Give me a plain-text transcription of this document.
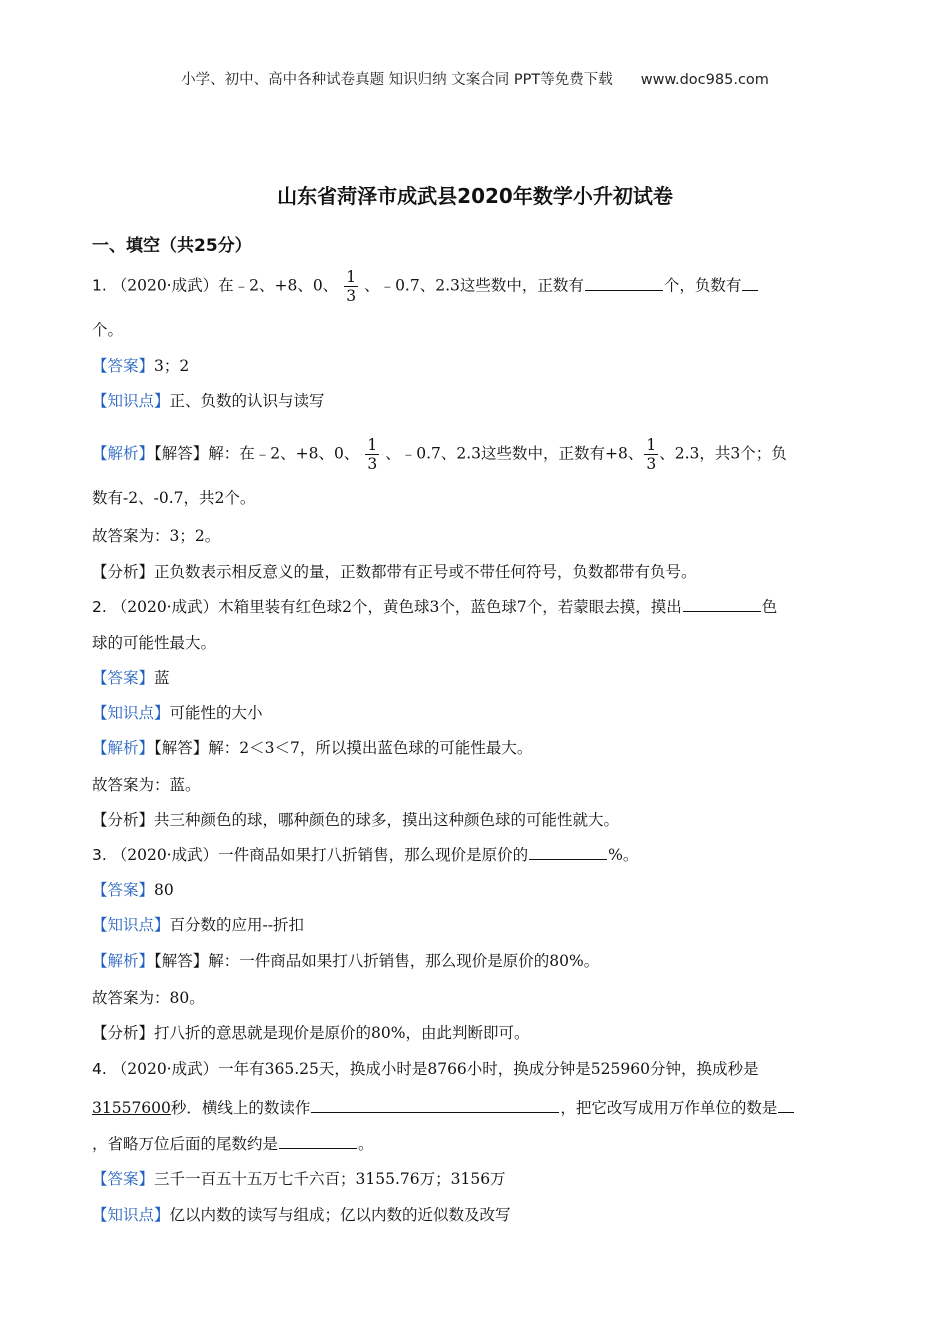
小学、初中、高中各种试卷真题 知识归纳 文案合同 PPT等免费下载 www.doc985.com
山东省菏泽市成武县2020年数学小升初试卷
一、填空（共25分）
1. （2020·成武）在﹣2、+8、0、 $\frac{1}{3}$ 、﹣0.7、2.3这些数中，正数有	个，负数有
个。
【答案】3；2
【知识点】正、负数的认识与读写
【解析】【解答】解：在﹣2、+8、0、 $\frac{1}{3}$ 、﹣0.7、2.3这些数中，正数有+8、 $\frac{1}{3}$ 、2.3，共3个；负
数有-2、-0.7，共2个。
故答案为：3；2。
【分析】正负数表示相反意义的量，正数都带有正号或不带任何符号，负数都带有负号。
2. （2020·成武）木箱里装有红色球2个，黄色球3个，蓝色球7个，若蒙眼去摸，摸出	色
球的可能性最大。
【答案】蓝
【知识点】可能性的大小
【解析】【解答】解：2＜3＜7，所以摸出蓝色球的可能性最大。
故答案为：蓝。
【分析】共三种颜色的球，哪种颜色的球多，摸出这种颜色球的可能性就大。
3. （2020·成武）一件商品如果打八折销售，那么现价是原价的	%。
【答案】80
【知识点】百分数的应用--折扣
【解析】【解答】解：一件商品如果打八折销售，那么现价是原价的80%。
故答案为：80。
【分析】打八折的意思就是现价是原价的80%，由此判断即可。
4. （2020·成武）一年有365.25天，换成小时是8766小时，换成分钟是525960分钟，换成秒是
31557600秒．横线上的数读作	，把它改写成用万作单位的数是
，省略万位后面的尾数约是	。
【答案】三千一百五十五万七千六百；3155.76万；3156万
【知识点】亿以内数的读写与组成；亿以内数的近似数及改写
